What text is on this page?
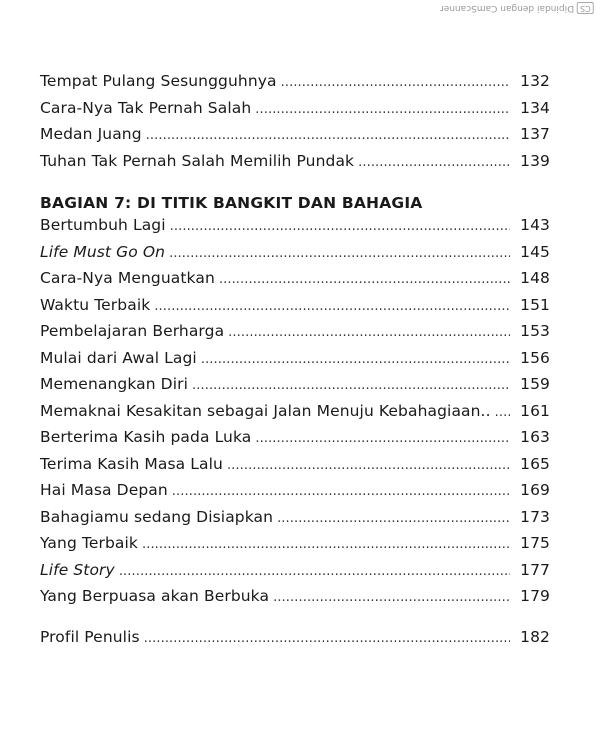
CS
Dipindai dengan CamScanner
Tempat Pulang Sesungguhnya .....	132
Cara-Nya Tak Pernah Salah .....	134
Medan Juang .....	137
Tuhan Tak Pernah Salah Memilih Pundak .....	139
BAGIAN 7: DI TITIK BANGKIT DAN BAHAGIA
Bertumbuh Lagi .....	143
Life Must Go On .....	145
Cara-Nya Menguatkan .....	148
Waktu Terbaik .....	151
Pembelajaran Berharga .....	153
Mulai dari Awal Lagi .....	156
Memenangkan Diri .....	159
Memaknai Kesakitan sebagai Jalan Menuju Kebahagiaan.. ..... 161
Berterima Kasih pada Luka .....	163
Terima Kasih Masa Lalu .....	165
Hai Masa Depan .....	169
Bahagiamu sedang Disiapkan .....	173
Yang Terbaik .....	175
Life Story .....	177
Yang Berpuasa akan Berbuka .....	179
Profil Penulis .....	182
